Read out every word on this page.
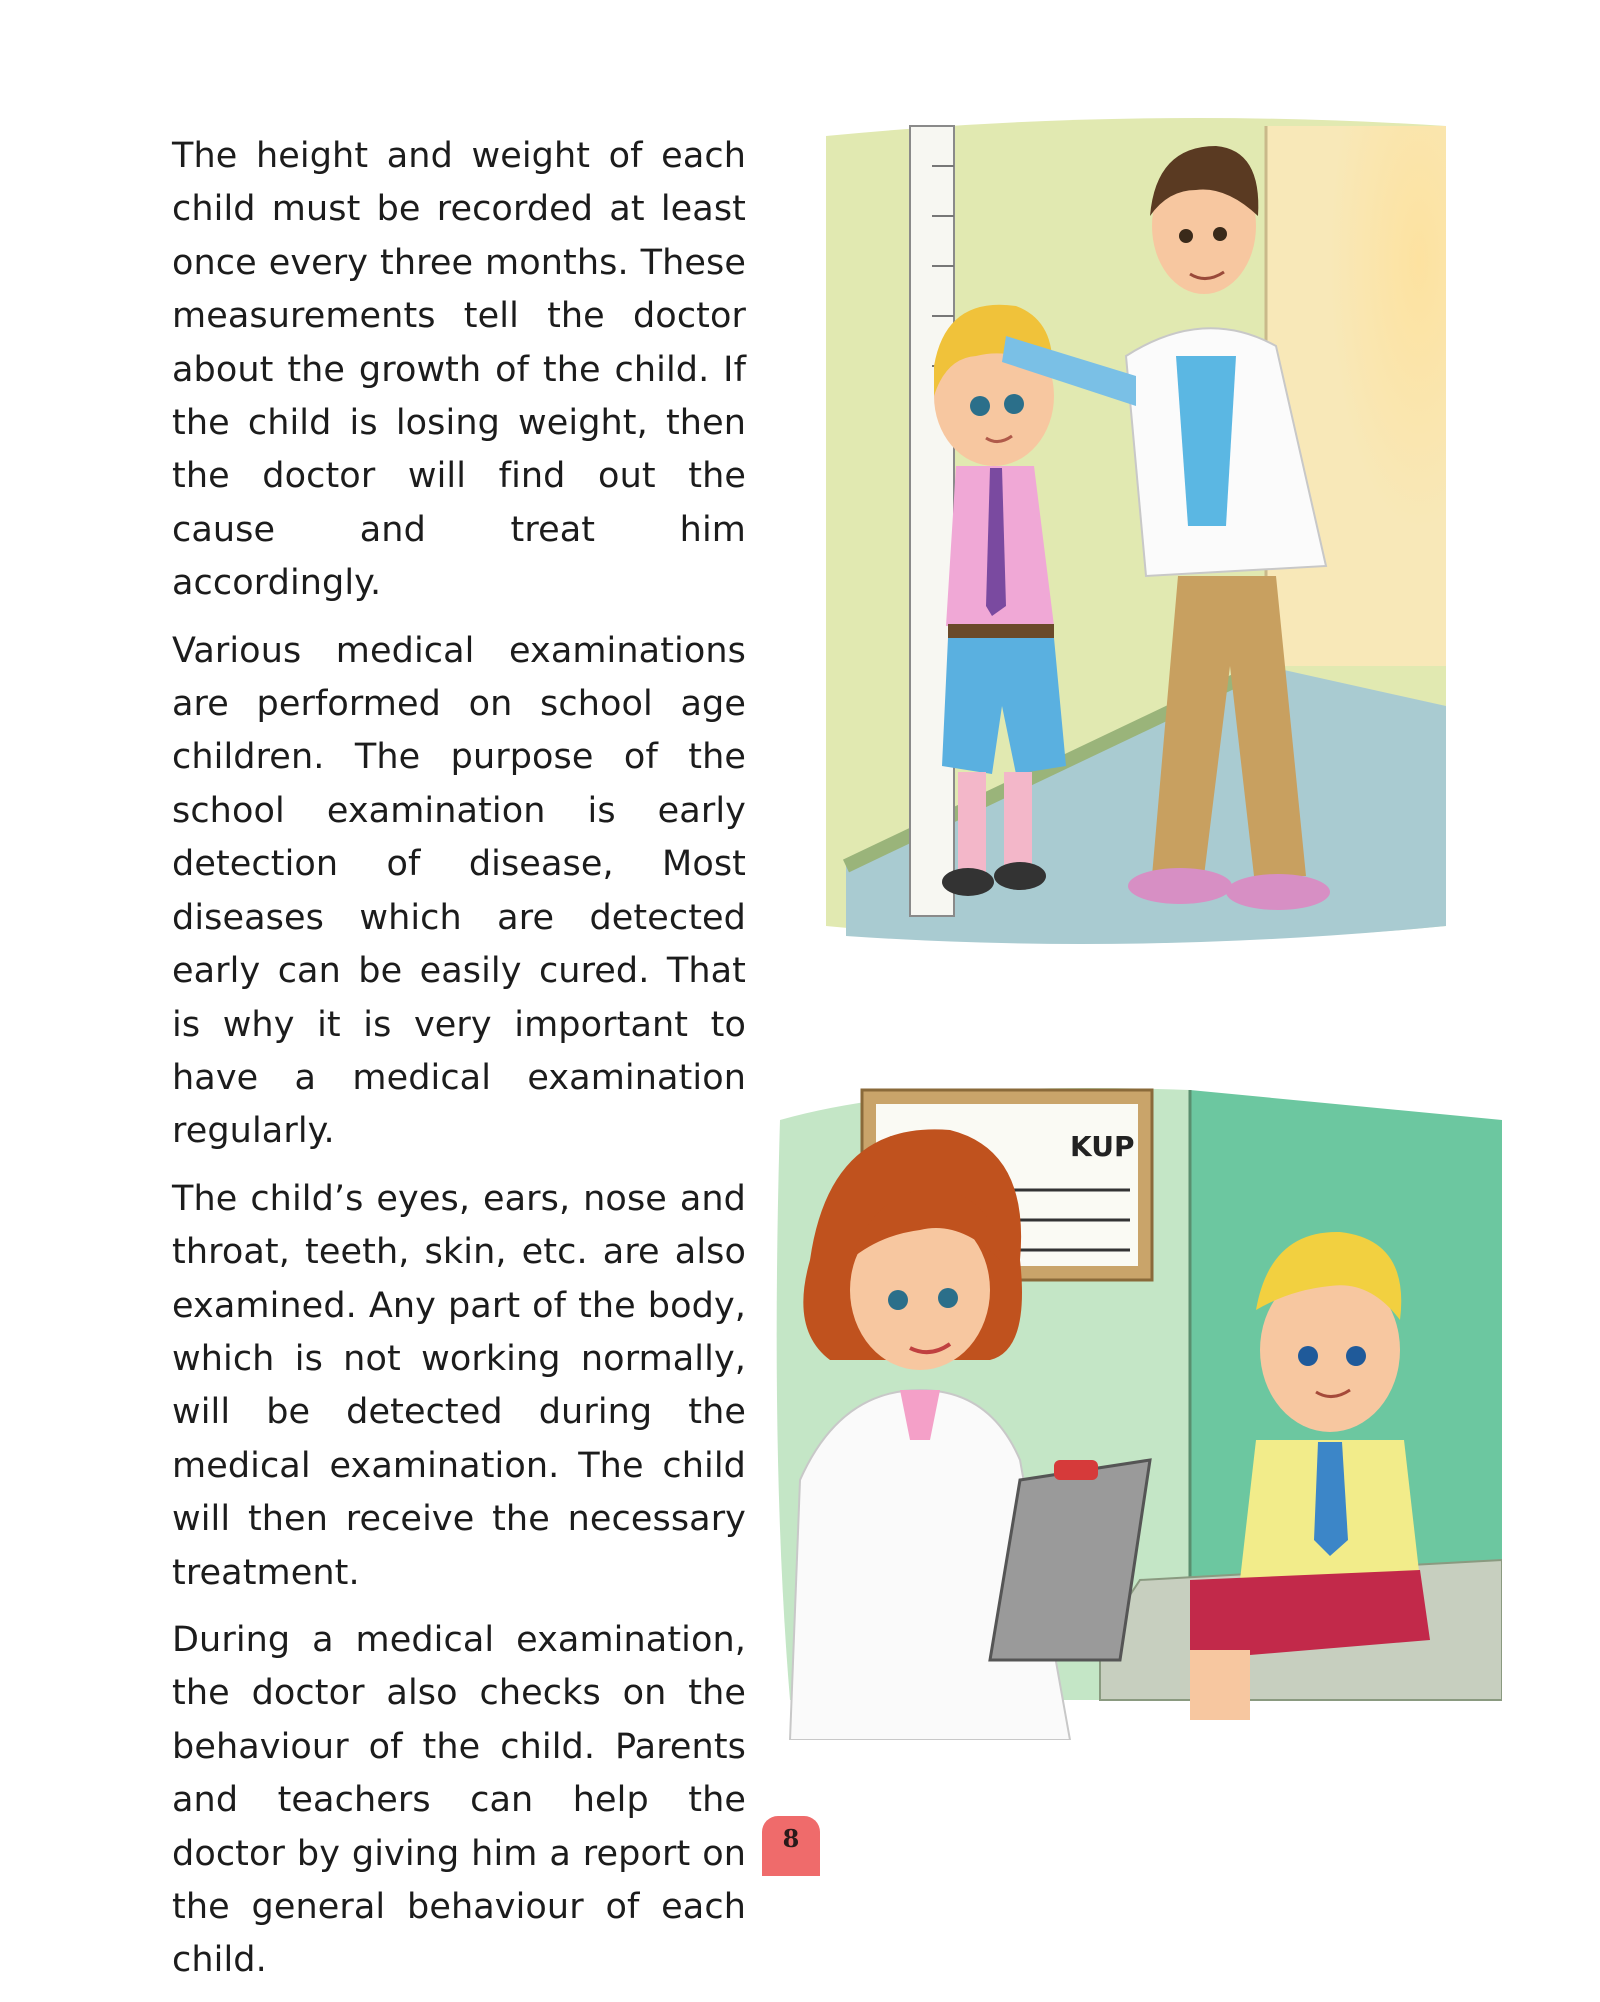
The height and weight of each child must be recorded at least once every three months. These measurements tell the doctor about the growth of the child. If the child is losing weight, then the doctor will find out the cause and treat him accordingly.

Various medical examinations are performed on school age children. The purpose of the school examination is early detection of disease, Most diseases which are detected early can be easily cured. That is why it is very important to have a medical examination regularly.

The child’s eyes, ears, nose and throat, teeth, skin, etc. are also examined. Any part of the body, which is not working normally, will be detected during the medical examination. The child will then receive the necessary treatment.

During a medical examination, the doctor also checks on the behaviour of the child. Parents and teachers can help the doctor by giving him a report on the general behaviour of each child.

KUP
8
